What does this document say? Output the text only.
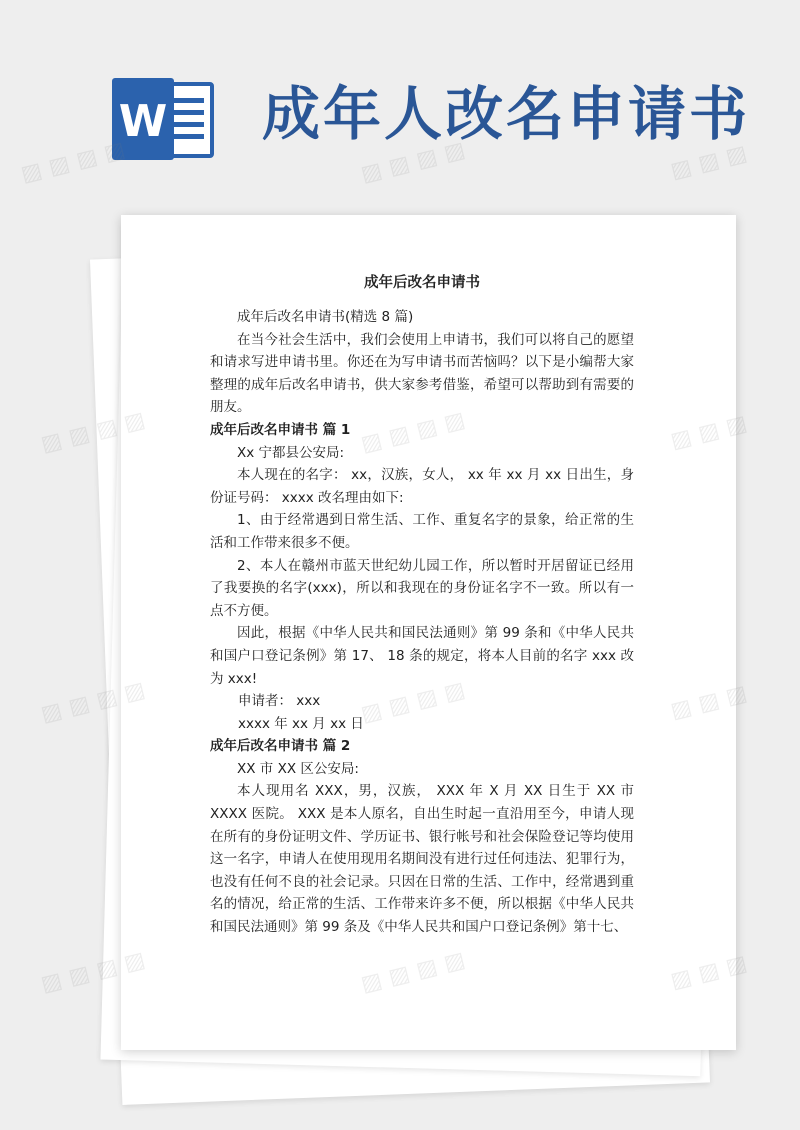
W 成年人改名申请书
成年后改名申请书

成年后改名申请书(精选 8 篇)

在当今社会生活中，我们会使用上申请书，我们可以将自己的愿望和请求写进申请书里。你还在为写申请书而苦恼吗？以下是小编帮大家整理的成年后改名申请书，供大家参考借鉴，希望可以帮助到有需要的朋友。

成年后改名申请书 篇 1

Xx 宁都县公安局:

本人现在的名字： xx，汉族，女人， xx 年 xx 月 xx 日出生，身份证号码： xxxx 改名理由如下:

1、由于经常遇到日常生活、工作、重复名字的景象，给正常的生活和工作带来很多不便。

2、本人在赣州市蓝天世纪幼儿园工作，所以暂时开居留证已经用了我要换的名字(xxx)，所以和我现在的身份证名字不一致。所以有一点不方便。

因此，根据《中华人民共和国民法通则》第 99 条和《中华人民共和国户口登记条例》第 17、 18 条的规定，将本人目前的名字 xxx 改为 xxx!

申请者： xxx
xxxx 年 xx 月 xx 日
成年后改名申请书 篇 2

XX 市 XX 区公安局:

本人现用名 XXX，男，汉族， XXX 年 X 月 XX 日生于 XX 市 XXXX 医院。 XXX 是本人原名，自出生时起一直沿用至今，申请人现在所有的身份证明文件、学历证书、银行帐号和社会保险登记等均使用这一名字，申请人在使用现用名期间没有进行过任何违法、犯罪行为，也没有任何不良的社会记录。只因在日常的生活、工作中，经常遇到重名的情况，给正常的生活、工作带来许多不便，所以根据《中华人民共和国民法通则》第 99 条及《中华人民共和国户口登记条例》第十七、

▨ ▨ ▨ ▨	▨ ▨ ▨ ▨	▨ ▨ ▨
▨ ▨ ▨ ▨	▨
▨ ▨ ▨ ▨	▨
▨ ▨ ▨ ▨	▨
